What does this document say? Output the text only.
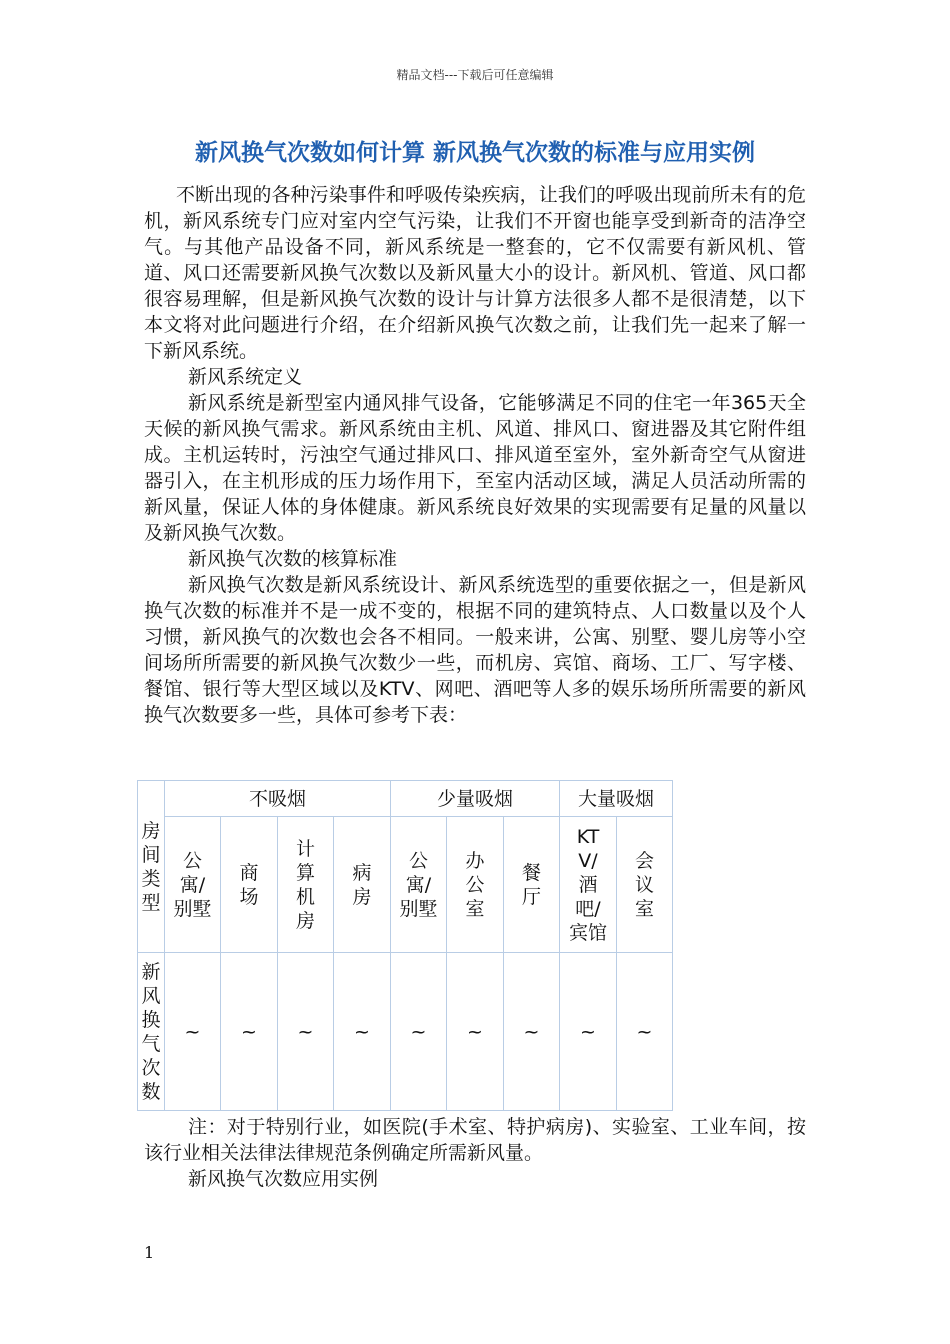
精品文档---下载后可任意编辑
新风换气次数如何计算 新风换气次数的标准与应用实例

不断出现的各种污染事件和呼吸传染疾病，让我们的呼吸出现前所未有的危机，新风系统专门应对室内空气污染，让我们不开窗也能享受到新奇的洁净空气。与其他产品设备不同，新风系统是一整套的，它不仅需要有新风机、管道、风口还需要新风换气次数以及新风量大小的设计。新风机、管道、风口都很容易理解，但是新风换气次数的设计与计算方法很多人都不是很清楚，以下本文将对此问题进行介绍，在介绍新风换气次数之前，让我们先一起来了解一下新风系统。

新风系统定义

新风系统是新型室内通风排气设备，它能够满足不同的住宅一年365天全天候的新风换气需求。新风系统由主机、风道、排风口、窗进器及其它附件组成。主机运转时，污浊空气通过排风口、排风道至室外，室外新奇空气从窗进器引入，在主机形成的压力场作用下，至室内活动区域，满足人员活动所需的新风量，保证人体的身体健康。新风系统良好效果的实现需要有足量的风量以及新风换气次数。

新风换气次数的核算标准

新风换气次数是新风系统设计、新风系统选型的重要依据之一，但是新风换气次数的标准并不是一成不变的，根据不同的建筑特点、人口数量以及个人习惯，新风换气的次数也会各不相同。一般来讲，公寓、别墅、婴儿房等小空间场所所需要的新风换气次数少一些，而机房、宾馆、商场、工厂、写字楼、餐馆、银行等大型区域以及KTV、网吧、酒吧等人多的娱乐场所所需要的新风换气次数要多一些，具体可参考下表：

房间类型	不吸烟				少量吸烟			大量吸烟	
	公寓/别墅	商场	计算机房	病房	公寓/别墅	办公室	餐厅	KTV/酒吧/宾馆	会议室
新风换气次数	~	~	~	~	~	~	~	~	~

注：对于特别行业，如医院(手术室、特护病房)、实验室、工业车间，按该行业相关法律法律规范条例确定所需新风量。

新风换气次数应用实例

1
